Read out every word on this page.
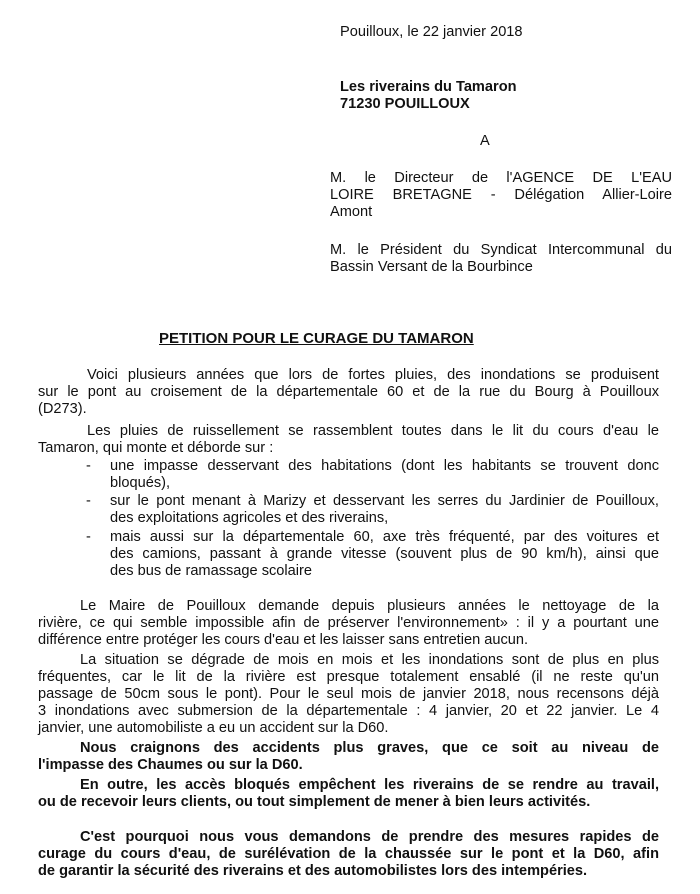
Pouilloux, le 22 janvier 2018
Les riverains du Tamaron
71230 POUILLOUX
A
M. le Directeur de l'AGENCE DE L'EAU
LOIRE BRETAGNE - Délégation Allier-Loire
Amont
M. le Président du Syndicat Intercommunal du
Bassin Versant de la Bourbince
PETITION POUR LE CURAGE DU TAMARON
Voici plusieurs années que lors de fortes pluies, des inondations se produisent
sur le pont au croisement de la départementale 60 et de la rue du Bourg à Pouilloux
(D273).
Les pluies de ruissellement se rassemblent toutes dans le lit du cours d'eau le
Tamaron, qui monte et déborde sur :
- une impasse desservant des habitations (dont les habitants se trouvent donc
bloqués),
- sur le pont menant à Marizy et desservant les serres du Jardinier de Pouilloux,
des exploitations agricoles et des riverains,
- mais aussi sur la départementale 60, axe très fréquenté, par des voitures et
des camions, passant à grande vitesse (souvent plus de 90 km/h), ainsi que
des bus de ramassage scolaire
Le Maire de Pouilloux demande depuis plusieurs années le nettoyage de la
rivière, ce qui semble impossible afin de préserver l'environnement» : il y a pourtant une
différence entre protéger les cours d'eau et les laisser sans entretien aucun.
La situation se dégrade de mois en mois et les inondations sont de plus en plus
fréquentes, car le lit de la rivière est presque totalement ensablé (il ne reste qu'un
passage de 50cm sous le pont). Pour le seul mois de janvier 2018, nous recensons déjà
3 inondations avec submersion de la départementale : 4 janvier, 20 et 22 janvier. Le 4
janvier, une automobiliste a eu un accident sur la D60.
Nous craignons des accidents plus graves, que ce soit au niveau de
l'impasse des Chaumes ou sur la D60.
En outre, les accès bloqués empêchent les riverains de se rendre au travail,
ou de recevoir leurs clients, ou tout simplement de mener à bien leurs activités.
C'est pourquoi nous vous demandons de prendre des mesures rapides de
curage du cours d'eau, de surélévation de la chaussée sur le pont et la D60, afin
de garantir la sécurité des riverains et des automobilistes lors des intempéries.
